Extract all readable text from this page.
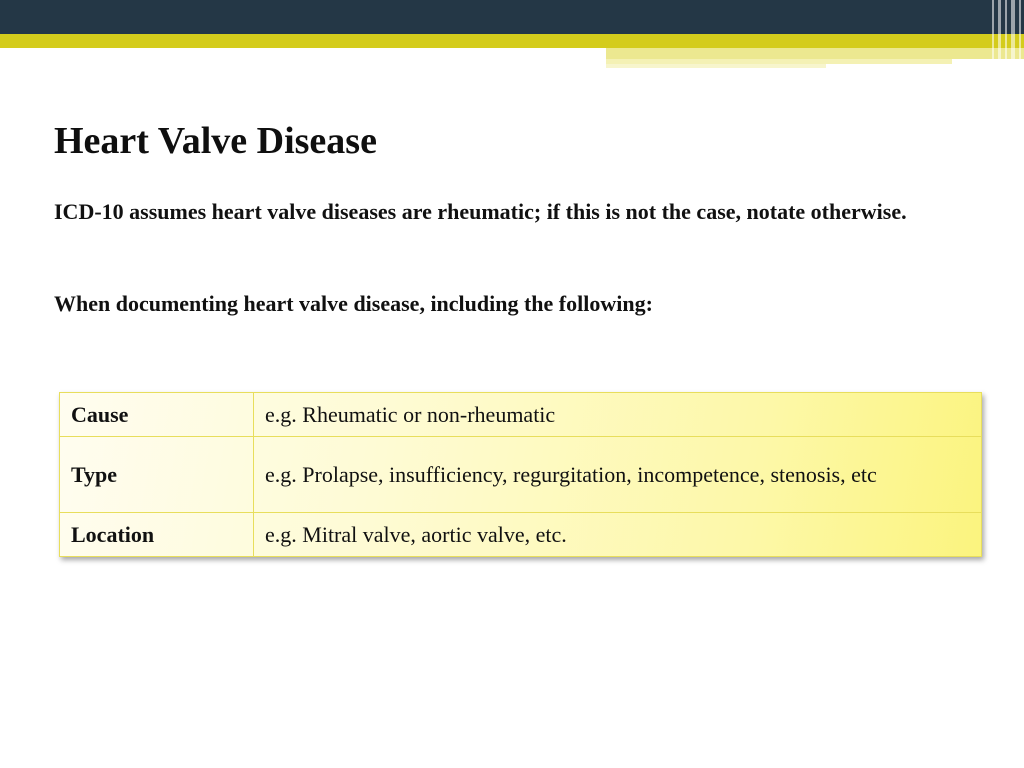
Heart Valve Disease

ICD-10 assumes heart valve diseases are rheumatic; if this is not the case, notate otherwise.

When documenting heart valve disease, including the following:

Cause	e.g. Rheumatic or non-rheumatic
Type	e.g. Prolapse, insufficiency, regurgitation, incompetence, stenosis, etc
Location	e.g. Mitral valve, aortic valve, etc.
